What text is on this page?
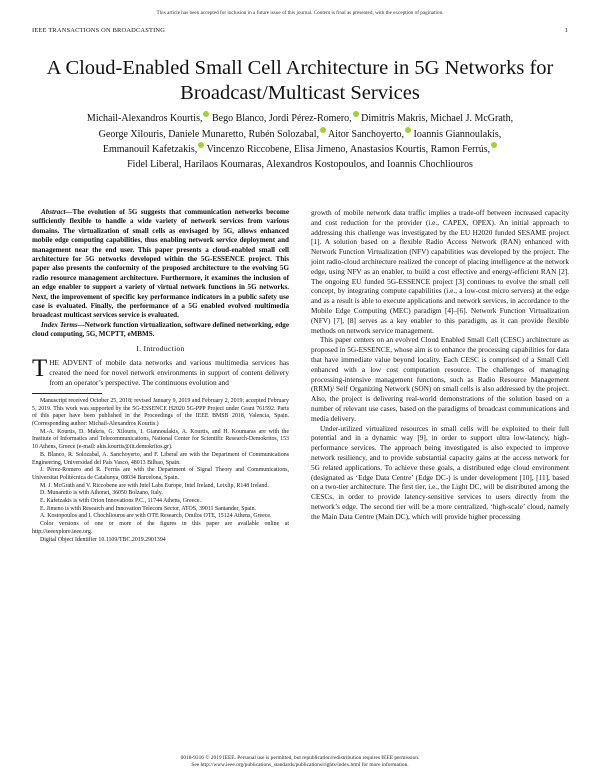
This article has been accepted for inclusion in a future issue of this journal. Content is final as presented, with the exception of pagination.
IEEE TRANSACTIONS ON BROADCASTING	1
A Cloud-Enabled Small Cell Architecture in 5G Networks for Broadcast/Multicast Services
Michail-Alexandros Kourtis, Bego Blanco, Jordi Pérez-Romero, Dimitris Makris, Michael J. McGrath,
George Xilouris, Daniele Munaretto, Rubén Solozabal, Aitor Sanchoyerto, Ioannis Giannoulakis,
Emmanouil Kafetzakis, Vincenzo Riccobene, Elisa Jimeno, Anastasios Kourtis, Ramon Ferrús,
Fidel Liberal, Harilaos Koumaras, Alexandros Kostopoulos, and Ioannis Chochliouros

Abstract—The evolution of 5G suggests that communication networks become sufficiently flexible to handle a wide variety of network services from various domains. The virtualization of small cells as envisaged by 5G, allows enhanced mobile edge computing capabilities, thus enabling network service deployment and management near the end user. This paper presents a cloud-enabled small cell architecture for 5G networks developed within the 5G-ESSENCE project. This paper also presents the conformity of the proposed architecture to the evolving 5G radio resource management architecture. Furthermore, it examines the inclusion of an edge enabler to support a variety of virtual network functions in 5G networks. Next, the improvement of specific key performance indicators in a public safety use case is evaluated. Finally, the performance of a 5G enabled evolved multimedia broadcast multicast services service is evaluated.

Index Terms—Network function virtualization, software defined networking, edge cloud computing, 5G, MCPTT, eMBMS.

I. Introduction

THE ADVENT of mobile data networks and various multimedia services has created the need for novel network environments in support of content delivery from an operator’s perspective. The continuous evolution and

Manuscript received October 25, 2018; revised January 9, 2019 and February 2, 2019; accepted February 5, 2019. This work was supported by the 5G-ESSENCE H2020 5G-PPP Project under Grant 761592. Parts of this paper have been published in the Proceedings of the IEEE BMSB 2018, Valencia, Spain. (Corresponding author: Michail-Alexandros Kourtis.)

M.-A. Kourtis, D. Makris, G. Xilouris, I. Giannoulakis, A. Kourtis, and H. Koumaras are with the Institute of Informatics and Telecommunications, National Center for Scientific Research-Demokritos, 153 10 Athens, Greece (e-mail: akis.kourtis@iit.demokritos.gr).

B. Blanco, R. Solozabal, A. Sanchoyerto, and F. Liberal are with the Department of Communications Engineering, Universidad del País Vasco, 48013 Bilbao, Spain.

J. Pérez-Romero and R. Ferrús are with the Department of Signal Theory and Communications, Universitat Politècnica de Catalunya, 08034 Barcelona, Spain.

M. J. McGrath and V. Riccobene are with Intel Labs Europe, Intel Ireland, Leixlip, R148 Ireland.

D. Munaretto is with Athonet, 36050 Bolzano, Italy.

E. Kafetzakis is with Orion Innovations P.C., 11744 Athens, Greece.

E. Jimeno is with Research and Innovation Telecom Sector, ATOS, 39011 Santander, Spain.

A. Kostopoulos and I. Chochliouros are with OTE Research, Omilos OTE, 15124 Athens, Greece.

Color versions of one or more of the figures in this paper are available online at http://ieeexplore.ieee.org.

Digital Object Identifier 10.1109/TBC.2019.2901394

growth of mobile network data traffic implies a trade-off between increased capacity and cost reduction for the provider (i.e., CAPEX, OPEX). An initial approach to addressing this challenge was investigated by the EU H2020 funded SESAME project [1]. A solution based on a flexible Radio Access Network (RAN) enhanced with Network Function Virtualization (NFV) capabilities was developed by the project. The joint radio-cloud architecture realized the concept of placing intelligence at the network edge, using NFV as an enabler, to build a cost effective and energy-efficient RAN [2]. The ongoing EU funded 5G-ESSENCE project [3] continues to evolve the small cell concept, by integrating compute capabilities (i.e., a low-cost micro servers) at the edge and as a result is able to execute applications and network services, in accordance to the Mobile Edge Computing (MEC) paradigm [4]–[6]. Network Function Virtualization (NFV) [7], [8] serves as a key enabler to this paradigm, as it can provide flexible methods on network service management.

This paper centers on an evolved Cloud Enabled Small Cell (CESC) architecture as proposed in 5G-ESSENCE, whose aim is to enhance the processing capabilities for data that have immediate value beyond locality. Each CESC is comprised of a Small Cell enhanced with a low cost computation resource. The challenges of managing processing-intensive management functions, such as Radio Resource Management (RRM)/ Self Organizing Network (SON) on small cells is also addressed by the project. Also, the project is delivering real-world demonstrations of the solution based on a number of relevant use cases, based on the paradigms of broadcast communications and media delivery.

Under-utilized virtualized resources in small cells will be exploited to their full potential and in a dynamic way [9], in order to support ultra low-latency, high-performance services. The approach being investigated is also expected to improve network resiliency, and to provide substantial capacity gains at the access network for 5G related applications. To achieve these goals, a distributed edge cloud environment (designated as ‘Edge Data Centre’ (Edge DC-) is under development [10], [11], based on a two-tier architecture. The first tier, i.e., the Light DC, will be distributed among the CESCs, in order to provide latency-sensitive services to users directly from the network’s edge. The second tier will be a more centralized, ‘high-scale’ cloud, namely the Main Data Centre (Main DC), which will provide higher processing

0018-9316 © 2019 IEEE. Personal use is permitted, but republication/redistribution requires IEEE permission.
See http://www.ieee.org/publications_standards/publications/rights/index.html for more information.
